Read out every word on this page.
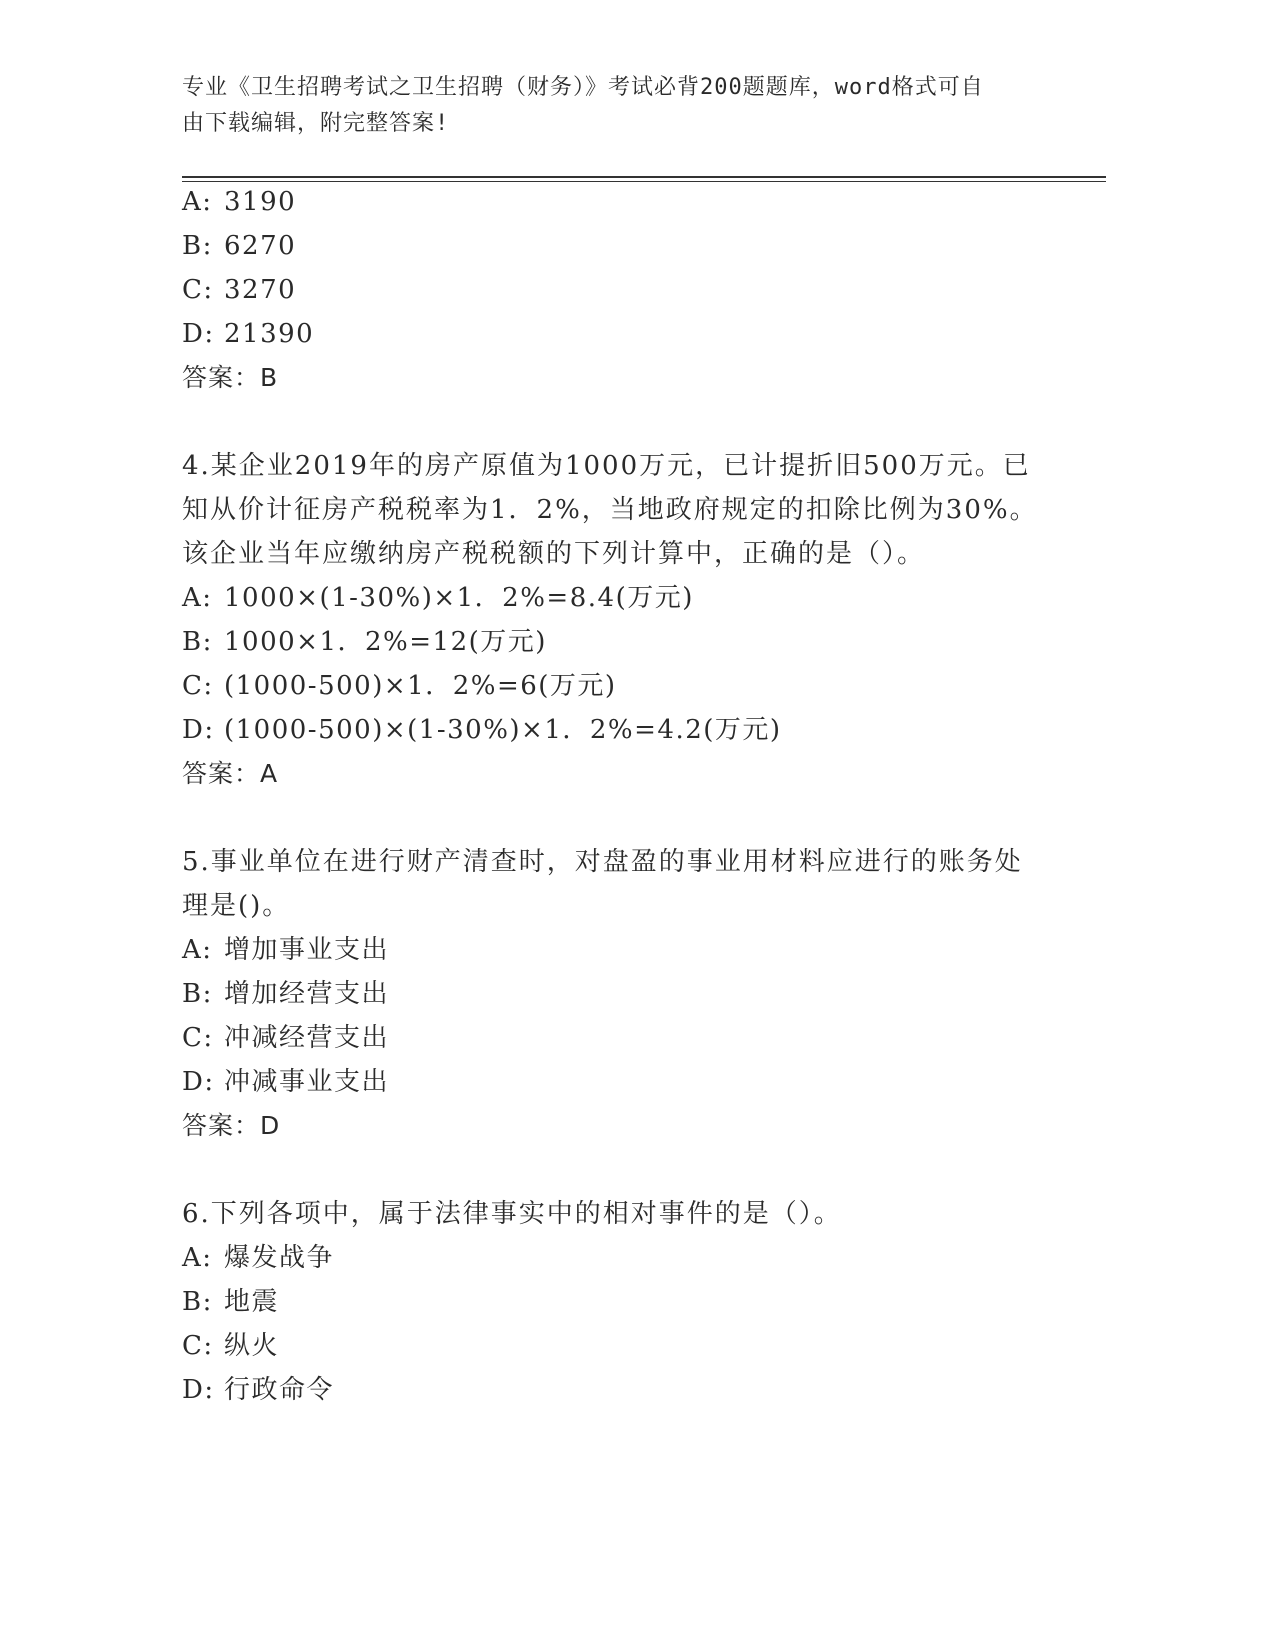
专业《卫生招聘考试之卫生招聘（财务）》考试必背200题题库，word格式可自
由下载编辑，附完整答案!
A: 3190
B: 6270
C: 3270
D: 21390
答案：B
4.某企业2019年的房产原值为1000万元，已计提折旧500万元。已
知从价计征房产税税率为1．2%，当地政府规定的扣除比例为30%。
该企业当年应缴纳房产税税额的下列计算中，正确的是（）。
A: 1000×(1-30%)×1．2%=8.4(万元)
B: 1000×1．2%=12(万元)
C: (1000-500)×1．2%=6(万元)
D: (1000-500)×(1-30%)×1．2%=4.2(万元)
答案：A
5.事业单位在进行财产清查时，对盘盈的事业用材料应进行的账务处
理是()。
A: 增加事业支出
B: 增加经营支出
C: 冲减经营支出
D: 冲减事业支出
答案：D
6.下列各项中，属于法律事实中的相对事件的是（）。
A: 爆发战争
B: 地震
C: 纵火
D: 行政命令
